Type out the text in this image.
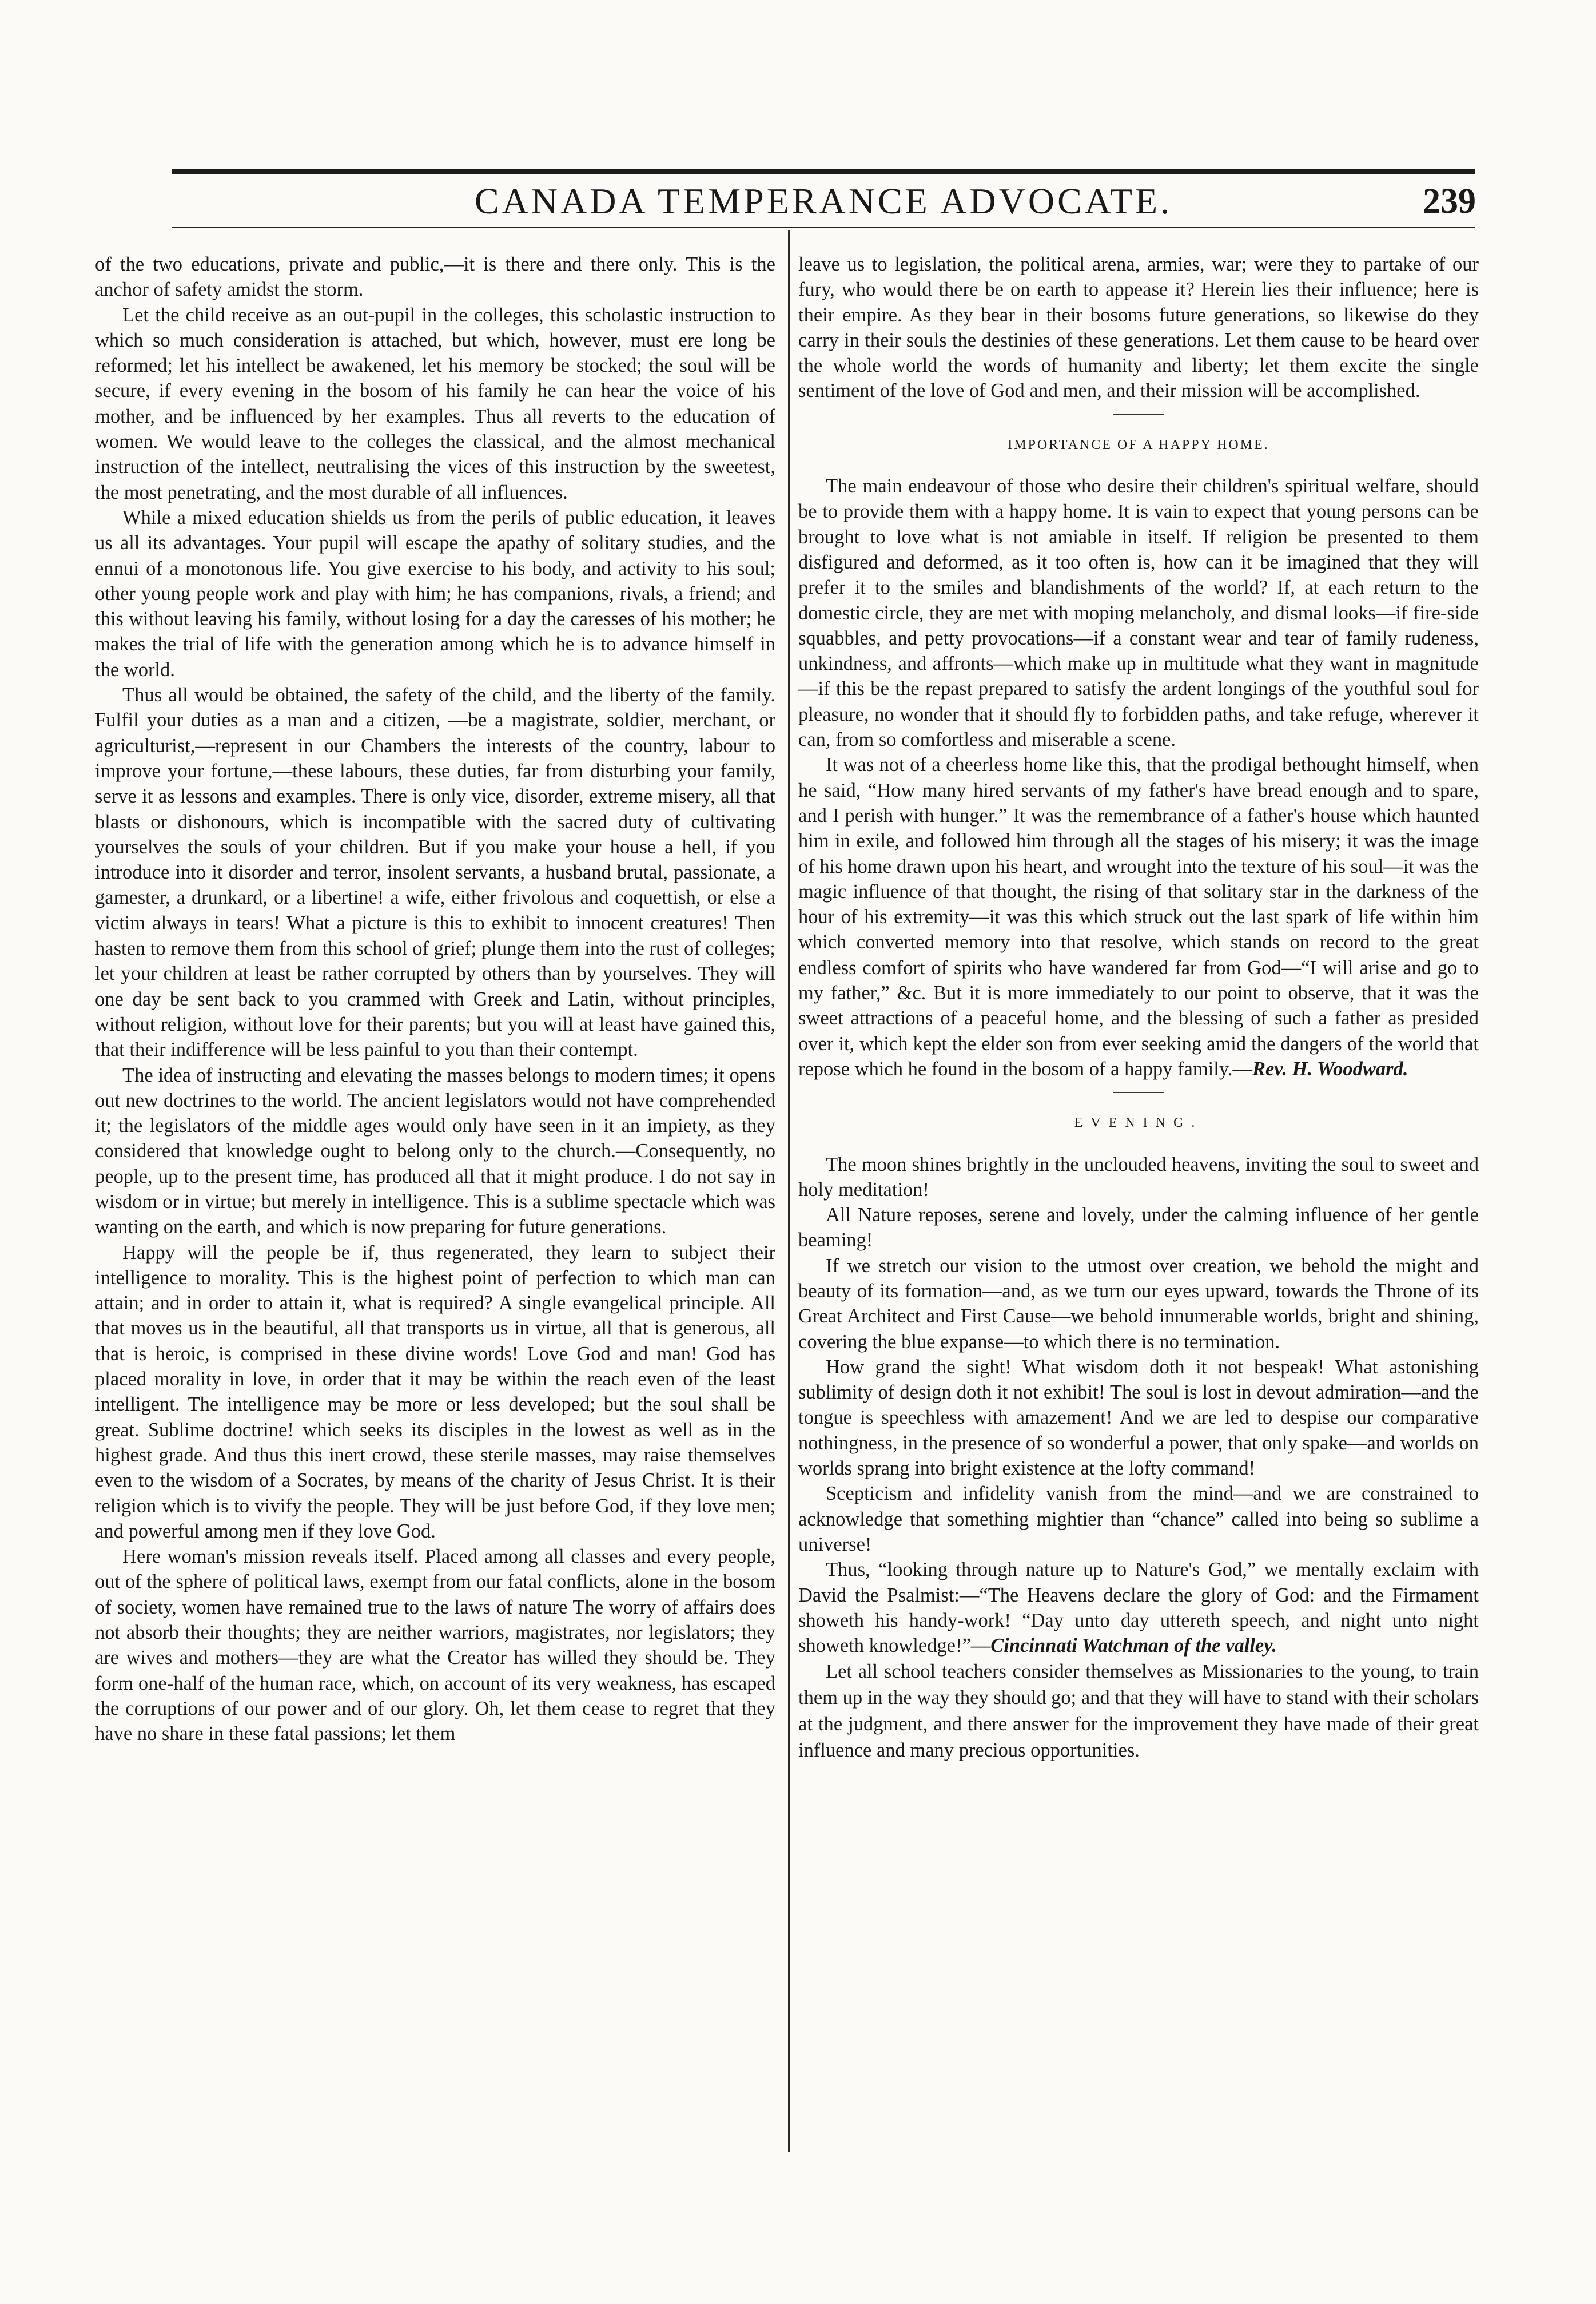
CANADA TEMPERANCE ADVOCATE.	239

of the two educations, private and public,—it is there and there only. This is the anchor of safety amidst the storm.

Let the child receive as an out-pupil in the colleges, this scholastic instruction to which so much consideration is attached, but which, however, must ere long be reformed; let his intellect be awakened, let his memory be stocked; the soul will be secure, if every evening in the bosom of his family he can hear the voice of his mother, and be influenced by her examples. Thus all reverts to the education of women. We would leave to the colleges the classical, and the almost mechanical instruction of the intellect, neutralising the vices of this instruction by the sweetest, the most penetrating, and the most durable of all influences.

While a mixed education shields us from the perils of public education, it leaves us all its advantages. Your pupil will escape the apathy of solitary studies, and the ennui of a monotonous life. You give exercise to his body, and activity to his soul; other young people work and play with him; he has companions, rivals, a friend; and this without leaving his family, without losing for a day the caresses of his mother; he makes the trial of life with the generation among which he is to advance himself in the world.

Thus all would be obtained, the safety of the child, and the liberty of the family. Fulfil your duties as a man and a citizen, —be a magistrate, soldier, merchant, or agriculturist,—represent in our Chambers the interests of the country, labour to improve your fortune,—these labours, these duties, far from disturbing your family, serve it as lessons and examples. There is only vice, disorder, extreme misery, all that blasts or dishonours, which is incompatible with the sacred duty of cultivating yourselves the souls of your children. But if you make your house a hell, if you introduce into it disorder and terror, insolent servants, a husband brutal, passionate, a gamester, a drunkard, or a libertine! a wife, either frivolous and coquettish, or else a victim always in tears! What a picture is this to exhibit to innocent creatures! Then hasten to remove them from this school of grief; plunge them into the rust of colleges; let your children at least be rather corrupted by others than by yourselves. They will one day be sent back to you crammed with Greek and Latin, without principles, without religion, without love for their parents; but you will at least have gained this, that their indifference will be less painful to you than their contempt.

The idea of instructing and elevating the masses belongs to modern times; it opens out new doctrines to the world. The ancient legislators would not have comprehended it; the legislators of the middle ages would only have seen in it an impiety, as they considered that knowledge ought to belong only to the church.—Consequently, no people, up to the present time, has produced all that it might produce. I do not say in wisdom or in virtue; but merely in intelligence. This is a sublime spectacle which was wanting on the earth, and which is now preparing for future generations.

Happy will the people be if, thus regenerated, they learn to subject their intelligence to morality. This is the highest point of perfection to which man can attain; and in order to attain it, what is required? A single evangelical principle. All that moves us in the beautiful, all that transports us in virtue, all that is generous, all that is heroic, is comprised in these divine words! Love God and man! God has placed morality in love, in order that it may be within the reach even of the least intelligent. The intelligence may be more or less developed; but the soul shall be great. Sublime doctrine! which seeks its disciples in the lowest as well as in the highest grade. And thus this inert crowd, these sterile masses, may raise themselves even to the wisdom of a Socrates, by means of the charity of Jesus Christ. It is their religion which is to vivify the people. They will be just before God, if they love men; and powerful among men if they love God.

Here woman's mission reveals itself. Placed among all classes and every people, out of the sphere of political laws, exempt from our fatal conflicts, alone in the bosom of society, women have remained true to the laws of nature The worry of affairs does not absorb their thoughts; they are neither warriors, magistrates, nor legislators; they are wives and mothers—they are what the Creator has willed they should be. They form one-half of the human race, which, on account of its very weakness, has escaped the corruptions of our power and of our glory. Oh, let them cease to regret that they have no share in these fatal passions; let them

leave us to legislation, the political arena, armies, war; were they to partake of our fury, who would there be on earth to appease it? Herein lies their influence; here is their empire. As they bear in their bosoms future generations, so likewise do they carry in their souls the destinies of these generations. Let them cause to be heard over the whole world the words of humanity and liberty; let them excite the single sentiment of the love of God and men, and their mission will be accomplished.

IMPORTANCE OF A HAPPY HOME.

The main endeavour of those who desire their children's spiritual welfare, should be to provide them with a happy home. It is vain to expect that young persons can be brought to love what is not amiable in itself. If religion be presented to them disfigured and deformed, as it too often is, how can it be imagined that they will prefer it to the smiles and blandishments of the world? If, at each return to the domestic circle, they are met with moping melancholy, and dismal looks—if fire-side squabbles, and petty provocations—if a constant wear and tear of family rudeness, unkindness, and affronts—which make up in multitude what they want in magnitude—if this be the repast prepared to satisfy the ardent longings of the youthful soul for pleasure, no wonder that it should fly to forbidden paths, and take refuge, wherever it can, from so comfortless and miserable a scene.

It was not of a cheerless home like this, that the prodigal bethought himself, when he said, “How many hired servants of my father's have bread enough and to spare, and I perish with hunger.” It was the remembrance of a father's house which haunted him in exile, and followed him through all the stages of his misery; it was the image of his home drawn upon his heart, and wrought into the texture of his soul—it was the magic influence of that thought, the rising of that solitary star in the darkness of the hour of his extremity—it was this which struck out the last spark of life within him which converted memory into that resolve, which stands on record to the great endless comfort of spirits who have wandered far from God—“I will arise and go to my father,” &c. But it is more immediately to our point to observe, that it was the sweet attractions of a peaceful home, and the blessing of such a father as presided over it, which kept the elder son from ever seeking amid the dangers of the world that repose which he found in the bosom of a happy family.—Rev. H. Woodward.

EVENING.

The moon shines brightly in the unclouded heavens, inviting the soul to sweet and holy meditation!

All Nature reposes, serene and lovely, under the calming influence of her gentle beaming!

If we stretch our vision to the utmost over creation, we behold the might and beauty of its formation—and, as we turn our eyes upward, towards the Throne of its Great Architect and First Cause—we behold innumerable worlds, bright and shining, covering the blue expanse—to which there is no termination.

How grand the sight! What wisdom doth it not bespeak! What astonishing sublimity of design doth it not exhibit! The soul is lost in devout admiration—and the tongue is speechless with amazement! And we are led to despise our comparative nothingness, in the presence of so wonderful a power, that only spake—and worlds on worlds sprang into bright existence at the lofty command!

Scepticism and infidelity vanish from the mind—and we are constrained to acknowledge that something mightier than “chance” called into being so sublime a universe!

Thus, “looking through nature up to Nature's God,” we mentally exclaim with David the Psalmist:—“The Heavens declare the glory of God: and the Firmament showeth his handy-work! “Day unto day uttereth speech, and night unto night showeth knowledge!”—Cincinnati Watchman of the valley.

Let all school teachers consider themselves as Missionaries to the young, to train them up in the way they should go; and that they will have to stand with their scholars at the judgment, and there answer for the improvement they have made of their great influence and many precious opportunities.
